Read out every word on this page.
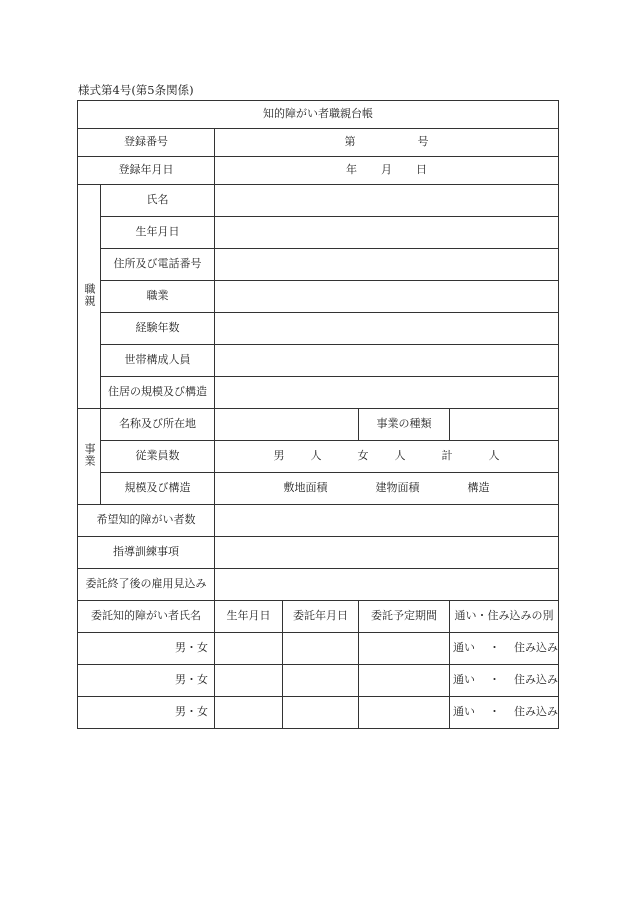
様式第4号(第5条関係)
知的障がい者職親台帳					
登録番号		第 号			
登録年月日		年 月 日			
職親	氏名				
	生年月日				
	住所及び電話番号				
	職業				
	経験年数				
	世帯構成人員				
	住居の規模及び構造				
事業	名称及び所在地			事業の種類	
	従業員数	男 人 女 人 計 人			
	規模及び構造	敷地面積 建物面積 構造			
希望知的障がい者数					
指導訓練事項					
委託終了後の雇用見込み					
委託知的障がい者氏名		生年月日	委託年月日	委託予定期間	通い・住み込みの別
男・女					通い ・ 住み込み
男・女					通い ・ 住み込み
男・女					通い ・ 住み込み
